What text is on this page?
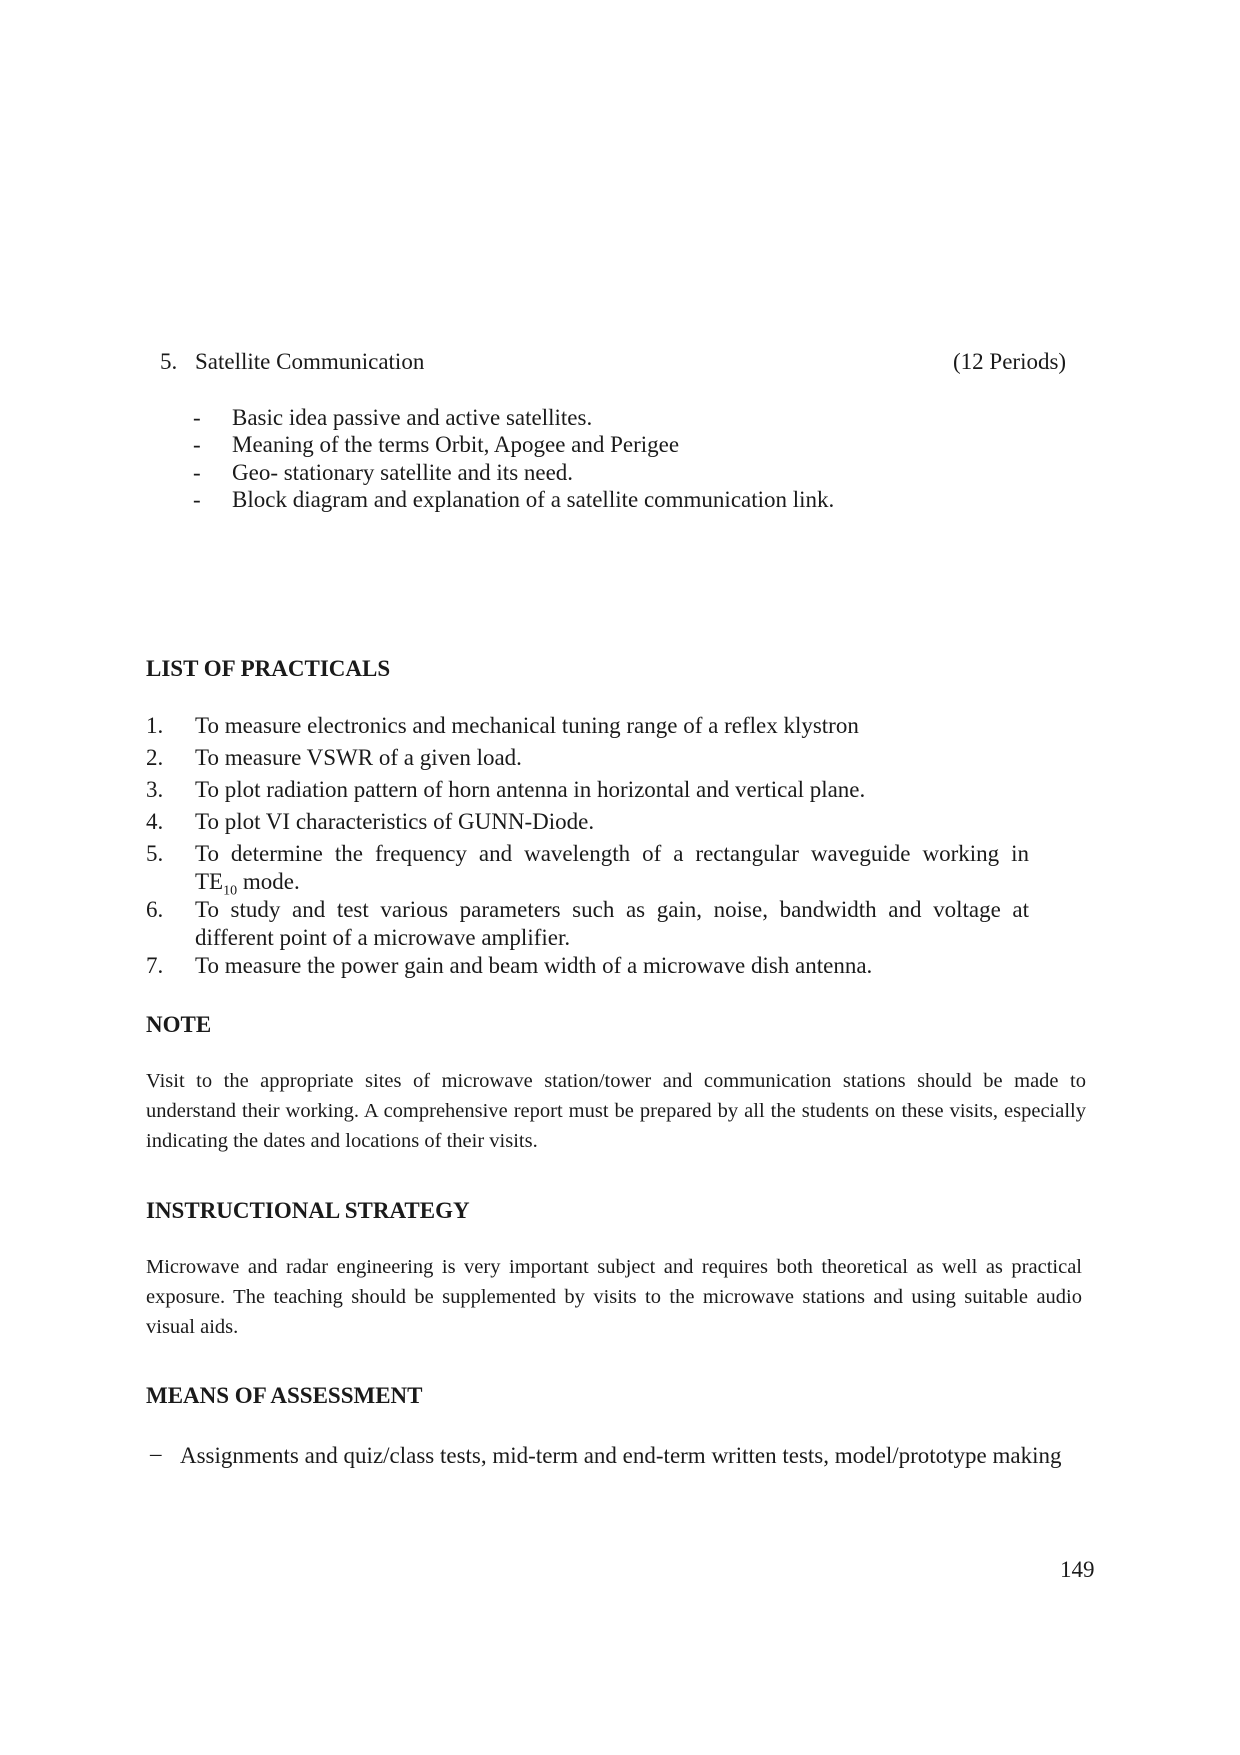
5. Satellite Communication	(12 Periods)
- Basic idea passive and active satellites.
- Meaning of the terms Orbit, Apogee and Perigee
- Geo- stationary satellite and its need.
- Block diagram and explanation of a satellite communication link.
LIST OF PRACTICALS
1. To measure electronics and mechanical tuning range of a reflex klystron
2. To measure VSWR of a given load.
3. To plot radiation pattern of horn antenna in horizontal and vertical plane.
4. To plot VI characteristics of GUNN-Diode.
5. To determine the frequency and wavelength of a rectangular waveguide working in
$TE_{10}$ mode.
6. To study and test various parameters such as gain, noise, bandwidth and voltage at
different point of a microwave amplifier.
7. To measure the power gain and beam width of a microwave dish antenna.
NOTE
Visit to the appropriate sites of microwave station/tower and communication stations should be made to understand their working. A comprehensive report must be prepared by all the students on these visits, especially indicating the dates and locations of their visits.
INSTRUCTIONAL STRATEGY
Microwave and radar engineering is very important subject and requires both theoretical as well as practical exposure. The teaching should be supplemented by visits to the microwave stations and using suitable audio visual aids.
MEANS OF ASSESSMENT
– Assignments and quiz/class tests, mid-term and end-term written tests, model/prototype making
149
